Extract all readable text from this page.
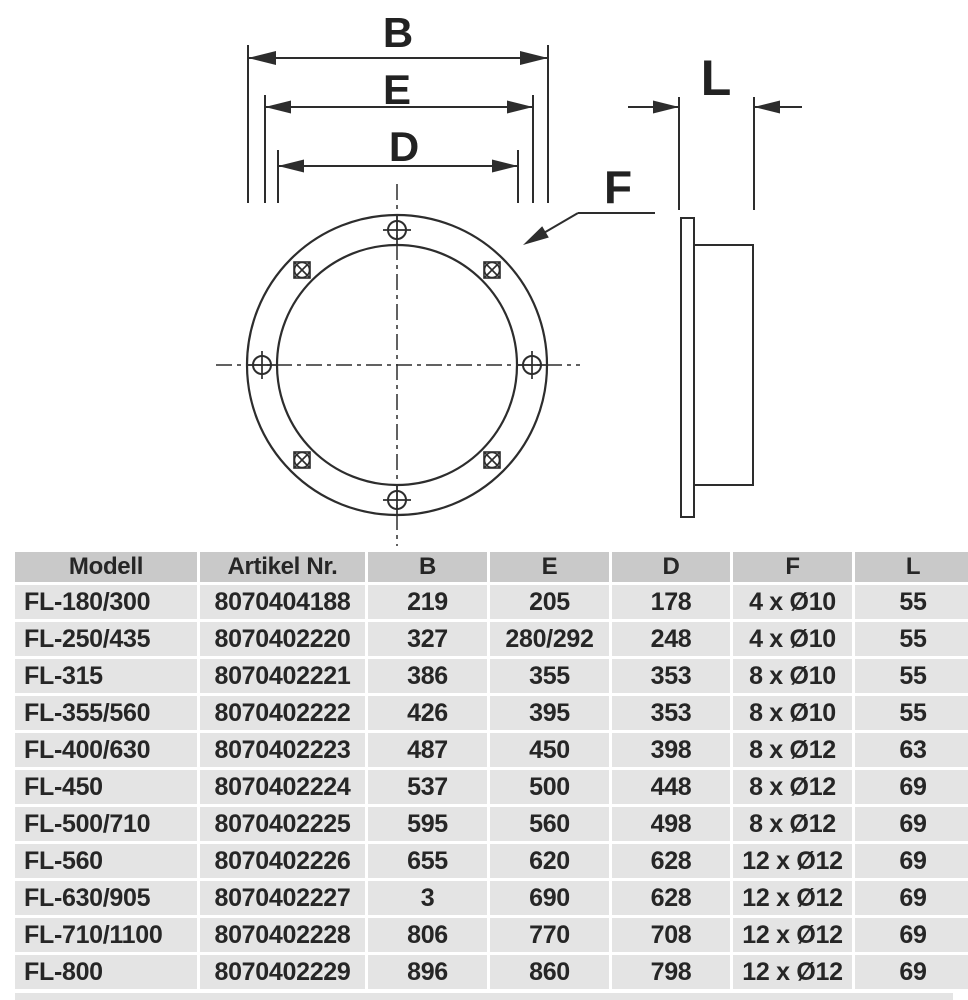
B
E
D
F
L
Modell	Artikel Nr.	B	E	D	F	L
FL-180/300	8070404188	219	205	178	4 x Ø10	55
FL-250/435	8070402220	327	280/292	248	4 x Ø10	55
FL-315	8070402221	386	355	353	8 x Ø10	55
FL-355/560	8070402222	426	395	353	8 x Ø10	55
FL-400/630	8070402223	487	450	398	8 x Ø12	63
FL-450	8070402224	537	500	448	8 x Ø12	69
FL-500/710	8070402225	595	560	498	8 x Ø12	69
FL-560	8070402226	655	620	628	12 x Ø12	69
FL-630/905	8070402227	3	690	628	12 x Ø12	69
FL-710/1100	8070402228	806	770	708	12 x Ø12	69
FL-800	8070402229	896	860	798	12 x Ø12	69
